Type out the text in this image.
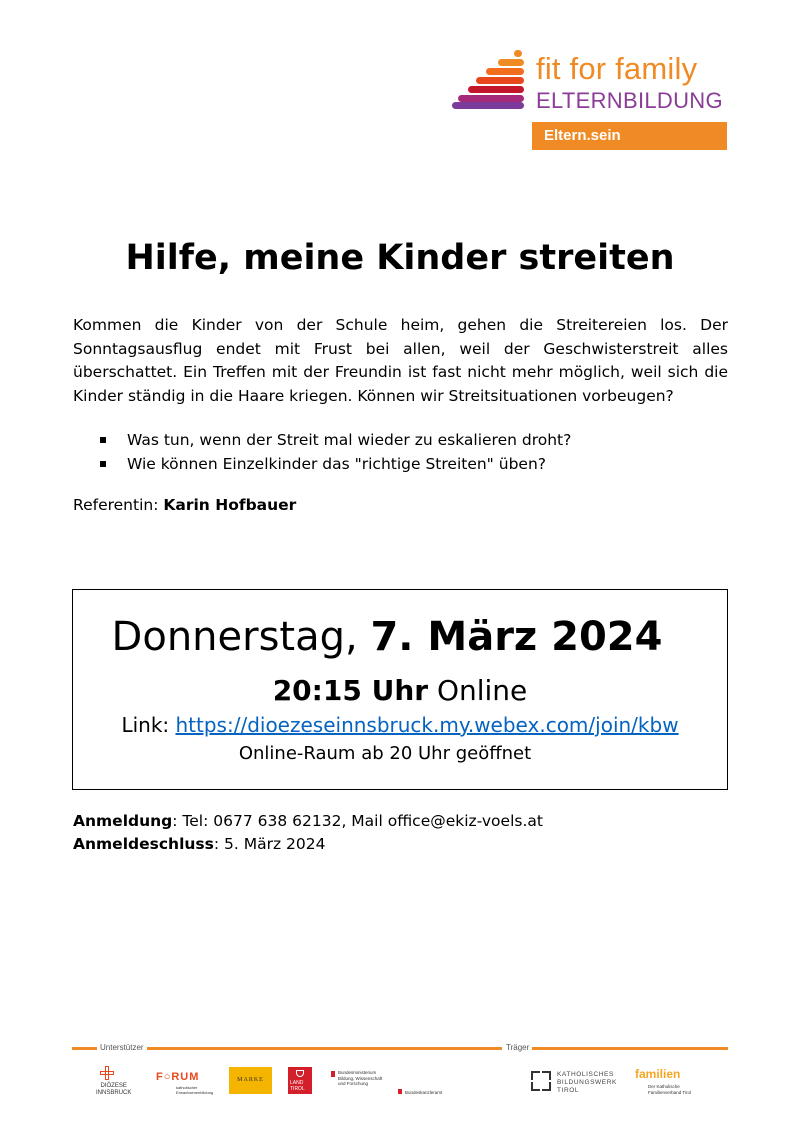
fit for family
ELTERNBILDUNG
Eltern.sein
Hilfe, meine Kinder streiten
Kommen die Kinder von der Schule heim, gehen die Streitereien los. Der Sonntagsausflug endet mit Frust bei allen, weil der Geschwisterstreit alles überschattet. Ein Treffen mit der Freundin ist fast nicht mehr möglich, weil sich die Kinder ständig in die Haare kriegen. Können wir Streitsituationen vorbeugen?
Was tun, wenn der Streit mal wieder zu eskalieren droht?
Wie können Einzelkinder das "richtige Streiten" üben?
Referentin: Karin Hofbauer
Donnerstag, 7. März 2024
20:15 Uhr Online
Link: https://dioezeseinnsbruck.my.webex.com/join/kbw
Online-Raum ab 20 Uhr geöffnet
Anmeldung: Tel: 0677 638 62132, Mail office@ekiz-voels.at
Anmeldeschluss: 5. März 2024
Unterstützer	Träger
DIÖZESE
INNSBRUCK
F○RUM
katholischer Erwachsenenbildung
MARKE	LAND
TIROL
Bundesministerium
Bildung, Wissenschaft
und Forschung
Bundeskanzleramt
KATHOLISCHES
BILDUNGSWERK
TIROL
familien
Der Katholische
Familienverband Tirol
